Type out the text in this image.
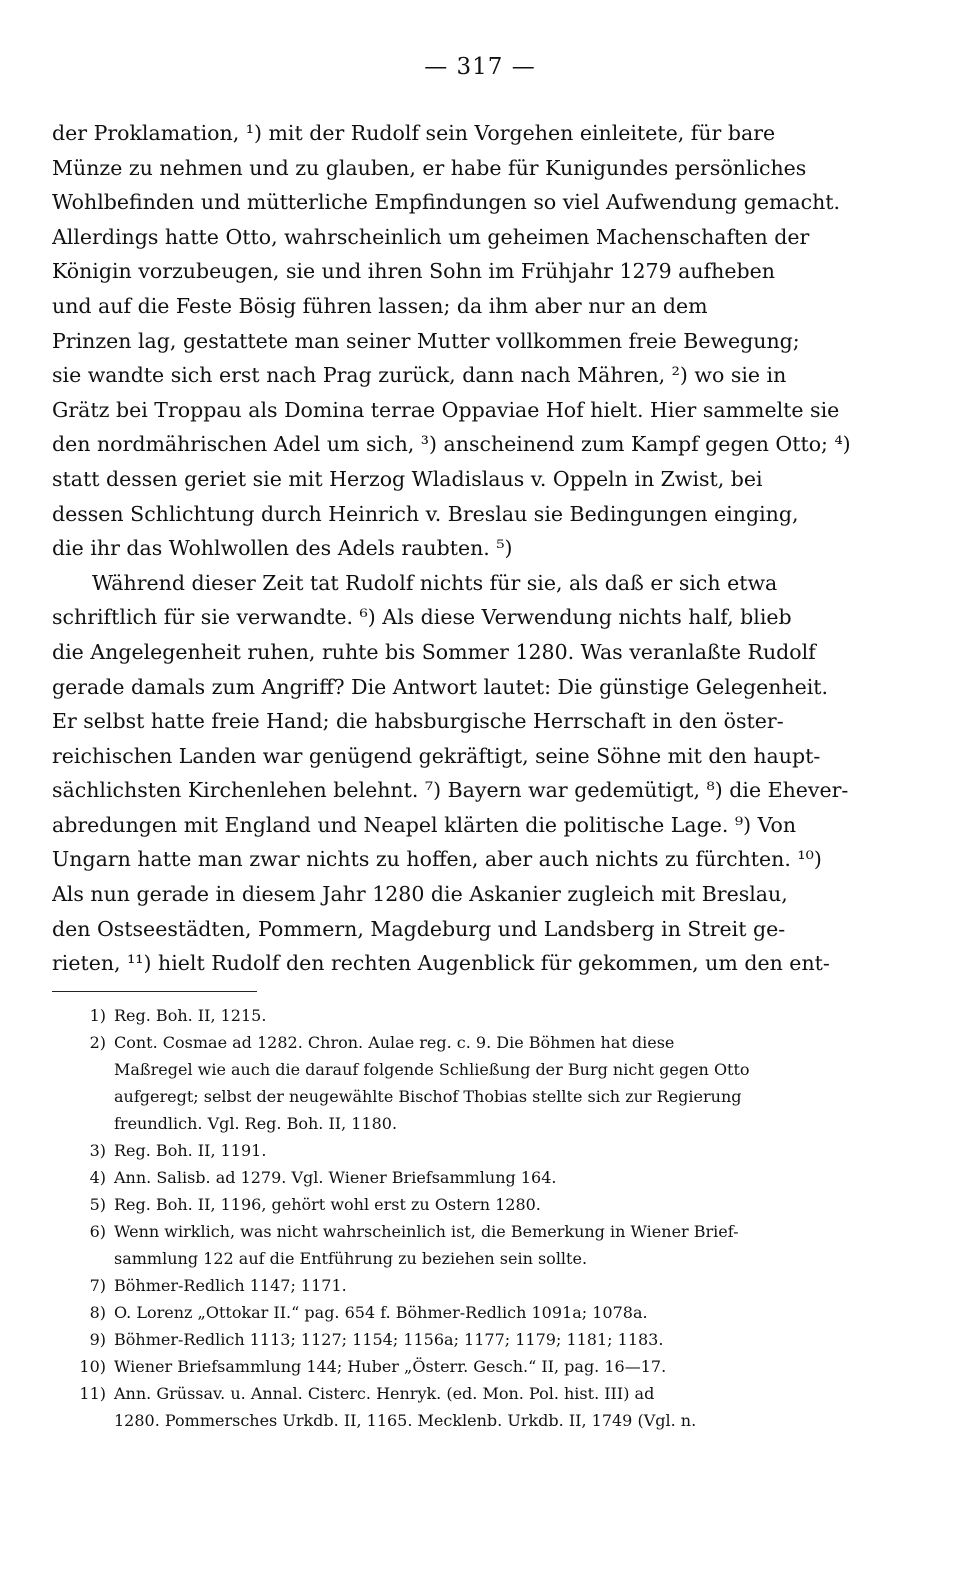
— 317 —
der Proklamation, ¹) mit der Rudolf sein Vorgehen einleitete, für bare
Münze zu nehmen und zu glauben, er habe für Kunigundes persönliches
Wohlbefinden und mütterliche Empfindungen so viel Aufwendung gemacht.
Allerdings hatte Otto, wahrscheinlich um geheimen Machenschaften der
Königin vorzubeugen, sie und ihren Sohn im Frühjahr 1279 aufheben
und auf die Feste Bösig führen lassen; da ihm aber nur an dem
Prinzen lag, gestattete man seiner Mutter vollkommen freie Bewegung;
sie wandte sich erst nach Prag zurück, dann nach Mähren, ²) wo sie in
Grätz bei Troppau als Domina terrae Oppaviae Hof hielt. Hier sammelte sie
den nordmährischen Adel um sich, ³) anscheinend zum Kampf gegen Otto; ⁴)
statt dessen geriet sie mit Herzog Wladislaus v. Oppeln in Zwist, bei
dessen Schlichtung durch Heinrich v. Breslau sie Bedingungen einging,
die ihr das Wohlwollen des Adels raubten. ⁵)
Während dieser Zeit tat Rudolf nichts für sie, als daß er sich etwa
schriftlich für sie verwandte. ⁶) Als diese Verwendung nichts half, blieb
die Angelegenheit ruhen, ruhte bis Sommer 1280. Was veranlaßte Rudolf
gerade damals zum Angriff? Die Antwort lautet: Die günstige Gelegenheit.
Er selbst hatte freie Hand; die habsburgische Herrschaft in den öster-
reichischen Landen war genügend gekräftigt, seine Söhne mit den haupt-
sächlichsten Kirchenlehen belehnt. ⁷) Bayern war gedemütigt, ⁸) die Ehever-
abredungen mit England und Neapel klärten die politische Lage. ⁹) Von
Ungarn hatte man zwar nichts zu hoffen, aber auch nichts zu fürchten. ¹⁰)
Als nun gerade in diesem Jahr 1280 die Askanier zugleich mit Breslau,
den Ostseestädten, Pommern, Magdeburg und Landsberg in Streit ge-
rieten, ¹¹) hielt Rudolf den rechten Augenblick für gekommen, um den ent-
1) Reg. Boh. II, 1215.
2) Cont. Cosmae ad 1282. Chron. Aulae reg. c. 9. Die Böhmen hat diese
Maßregel wie auch die darauf folgende Schließung der Burg nicht gegen Otto
aufgeregt; selbst der neugewählte Bischof Thobias stellte sich zur Regierung
freundlich. Vgl. Reg. Boh. II, 1180.
3) Reg. Boh. II, 1191.
4) Ann. Salisb. ad 1279. Vgl. Wiener Briefsammlung 164.
5) Reg. Boh. II, 1196, gehört wohl erst zu Ostern 1280.
6) Wenn wirklich, was nicht wahrscheinlich ist, die Bemerkung in Wiener Brief-
sammlung 122 auf die Entführung zu beziehen sein sollte.
7) Böhmer-Redlich 1147; 1171.
8) O. Lorenz „Ottokar II.“ pag. 654 f. Böhmer-Redlich 1091a; 1078a.
9) Böhmer-Redlich 1113; 1127; 1154; 1156a; 1177; 1179; 1181; 1183.
10) Wiener Briefsammlung 144; Huber „Österr. Gesch.“ II, pag. 16—17.
11) Ann. Grüssav. u. Annal. Cisterc. Henryk. (ed. Mon. Pol. hist. III) ad
1280. Pommersches Urkdb. II, 1165. Mecklenb. Urkdb. II, 1749 (Vgl. n.
